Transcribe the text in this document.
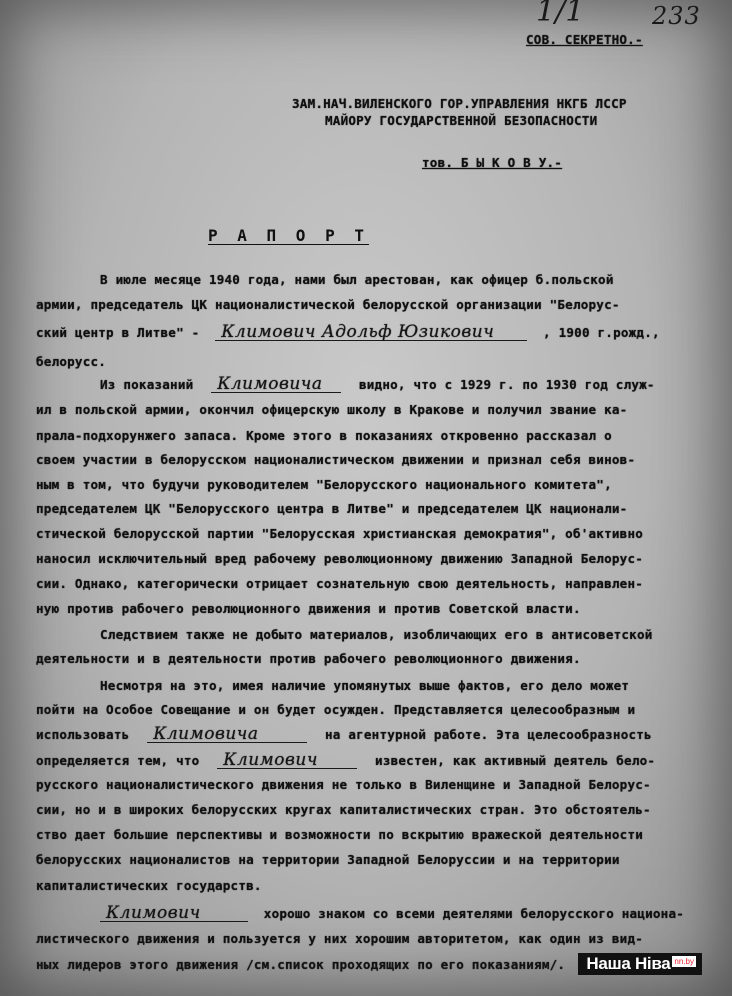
1/1
СОВ. СЕКРЕТНО.-
233
ЗАМ.НАЧ.ВИЛЕНСКОГО ГОР.УПРАВЛЕНИЯ НКГБ ЛССР
МАЙОРУ ГОСУДАРСТВЕННОЙ БЕЗОПАСНОСТИ
тов. Б Ы К О В У.-
Р А П О Р Т
В июле месяце 1940 года, нами был арестован, как офицер б.польской
армии, председатель ЦК националистической белорусской организации "Белорус-
ский центр в Литве" - Климович Адольф Юзикович	, 1900 г.рожд.,
белорусс.
Из показаний Климовича	видно, что с 1929 г. по 1930 год служ-
ил в польской армии, окончил офицерскую школу в Кракове и получил звание ка-
прала-подхорунжего запаса. Кроме этого в показаниях откровенно рассказал о
своем участии в белорусском националистическом движении и признал себя винов-
ным в том, что будучи руководителем "Белорусского национального комитета",
председателем ЦК "Белорусского центра в Литве" и председателем ЦК национали-
стической белорусской партии "Белорусская христианская демократия", об'активно
наносил исключительный вред рабочему революционному движению Западной Белорус-
сии. Однако, категорически отрицает сознательную свою деятельность, направлен-
ную против рабочего революционного движения и против Советской власти.
Следствием также не добыто материалов, изобличающих его в антисоветской
деятельности и в деятельности против рабочего революционного движения.
Несмотря на это, имея наличие упомянутых выше фактов, его дело может
пойти на Особое Совещание и он будет осужден. Представляется целесообразным и
использовать Климовича	на агентурной работе. Эта целесообразность
определяется тем, что Климович	известен, как активный деятель бело-
русского националистического движения не только в Виленщине и Западной Белорус-
сии, но и в широких белорусских кругах капиталистических стран. Это обстоятель-
ство дает большие перспективы и возможности по вскрытию вражеской деятельности
белорусских националистов на территории Западной Белоруссии и на территории
капиталистических государств.
Климович	хорошо знаком со всеми деятелями белорусского национа-
листического движения и пользуется у них хорошим авторитетом, как один из вид-
ных лидеров этого движения /см.список проходящих по его показаниям/. Наша Ніва nn.by
